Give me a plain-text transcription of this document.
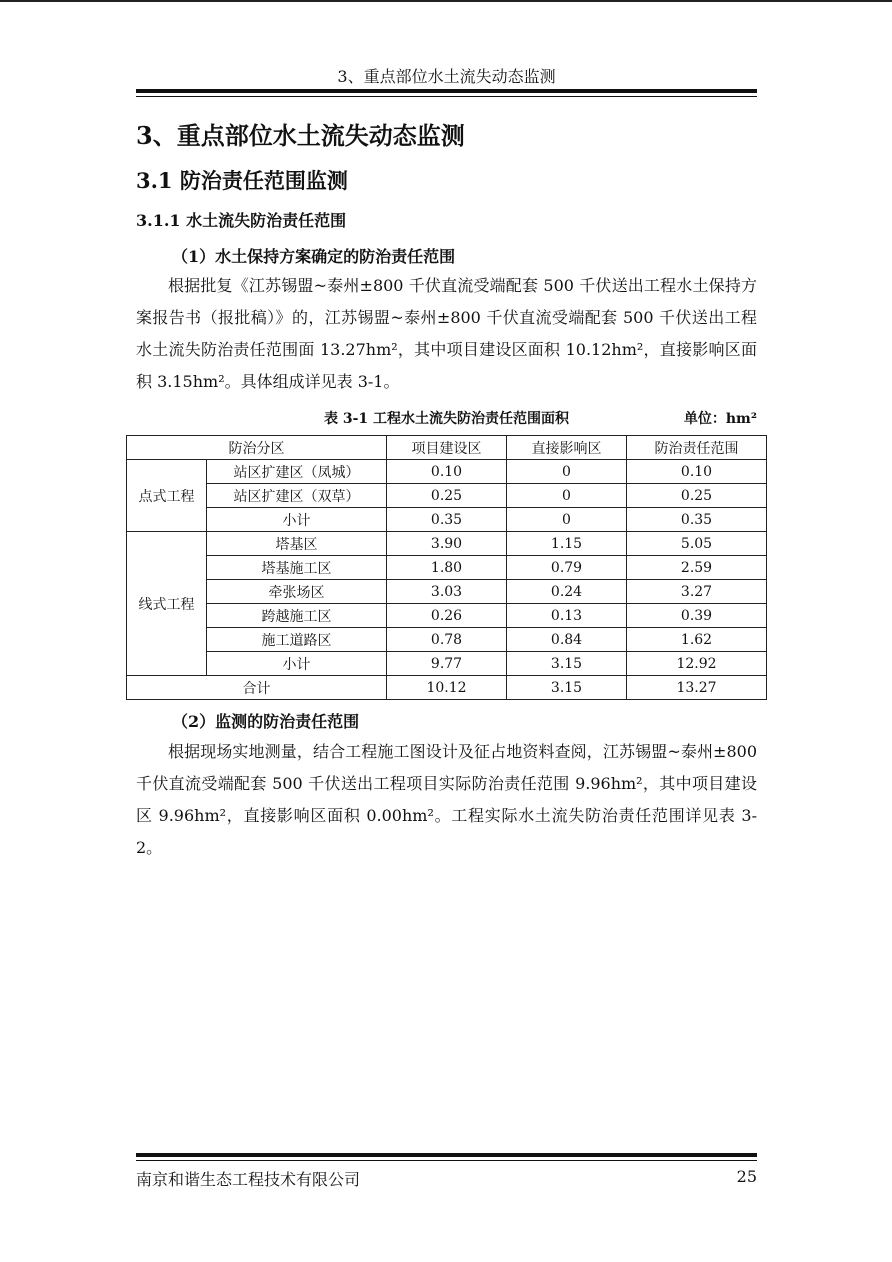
3、重点部位水土流失动态监测
3、重点部位水土流失动态监测
3.1 防治责任范围监测
3.1.1 水土流失防治责任范围
（1）水土保持方案确定的防治责任范围

根据批复《江苏锡盟~泰州±800 千伏直流受端配套 500 千伏送出工程水土保持方案报告书（报批稿）》的，江苏锡盟~泰州±800 千伏直流受端配套 500 千伏送出工程水土流失防治责任范围面 13.27hm²，其中项目建设区面积 10.12hm²，直接影响区面积 3.15hm²。具体组成详见表 3-1。

表 3-1 工程水土流失防治责任范围面积	单位：hm²
防治分区		项目建设区	直接影响区	防治责任范围
点式工程	站区扩建区（凤城）	0.10	0	0.10
	站区扩建区（双草）	0.25	0	0.25
	小计	0.35	0	0.35
线式工程	塔基区	3.90	1.15	5.05
	塔基施工区	1.80	0.79	2.59
	牵张场区	3.03	0.24	3.27
	跨越施工区	0.26	0.13	0.39
	施工道路区	0.78	0.84	1.62
	小计	9.77	3.15	12.92
合计		10.12	3.15	13.27
（2）监测的防治责任范围

根据现场实地测量，结合工程施工图设计及征占地资料查阅，江苏锡盟~泰州±800 千伏直流受端配套 500 千伏送出工程项目实际防治责任范围 9.96hm²，其中项目建设区 9.96hm²，直接影响区面积 0.00hm²。工程实际水土流失防治责任范围详见表 3-2。

南京和谐生态工程技术有限公司	25
